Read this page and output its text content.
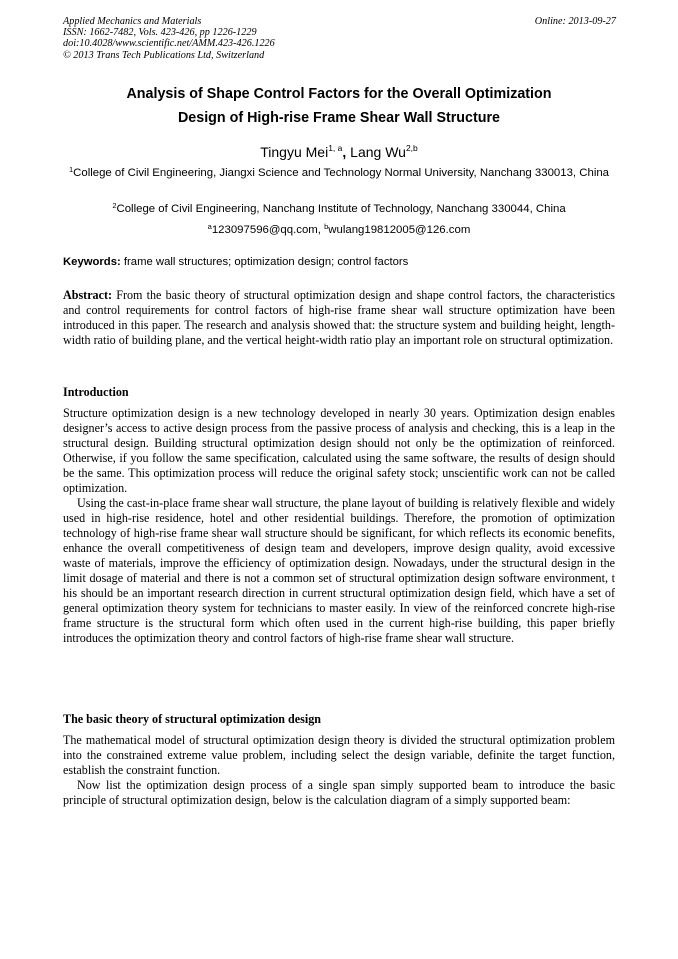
Applied Mechanics and Materials
ISSN: 1662-7482, Vols. 423-426, pp 1226-1229
doi:10.4028/www.scientific.net/AMM.423-426.1226
© 2013 Trans Tech Publications Ltd, Switzerland
Online: 2013-09-27
Analysis of Shape Control Factors for the Overall Optimization
Design of High-rise Frame Shear Wall Structure
Tingyu Mei$^{1, a}$, Lang Wu$^{2,b}$
$^1$College of Civil Engineering, Jiangxi Science and Technology Normal University, Nanchang 330013, China
$^2$College of Civil Engineering, Nanchang Institute of Technology, Nanchang 330044, China
$^a$123097596@qq.com, $^b$wulang19812005@126.com
Keywords: frame wall structures; optimization design; control factors

Abstract: From the basic theory of structural optimization design and shape control factors, the characteristics and control requirements for control factors of high-rise frame shear wall structure optimization have been introduced in this paper. The research and analysis showed that: the structure system and building height, length-width ratio of building plane, and the vertical height-width ratio play an important role on structural optimization.

Introduction

Structure optimization design is a new technology developed in nearly 30 years. Optimization design enables designer’s access to active design process from the passive process of analysis and checking, this is a leap in the structural design. Building structural optimization design should not only be the optimization of reinforced. Otherwise, if you follow the same specification, calculated using the same software, the results of design should be the same. This optimization process will reduce the original safety stock; unscientific work can not be called optimization.

Using the cast-in-place frame shear wall structure, the plane layout of building is relatively flexible and widely used in high-rise residence, hotel and other residential buildings. Therefore, the promotion of optimization technology of high-rise frame shear wall structure should be significant, for which reflects its economic benefits, enhance the overall competitiveness of design team and developers, improve design quality, avoid excessive waste of materials, improve the efficiency of optimization design. Nowadays, under the structural design in the limit dosage of material and there is not a common set of structural optimization design software environment, t his should be an important research direction in current structural optimization design field, which have a set of general optimization theory system for technicians to master easily. In view of the reinforced concrete high-rise frame structure is the structural form which often used in the current high-rise building, this paper briefly introduces the optimization theory and control factors of high-rise frame shear wall structure.

The basic theory of structural optimization design

The mathematical model of structural optimization design theory is divided the structural optimization problem into the constrained extreme value problem, including select the design variable, definite the target function, establish the constraint function.

Now list the optimization design process of a single span simply supported beam to introduce the basic principle of structural optimization design, below is the calculation diagram of a simply supported beam:
